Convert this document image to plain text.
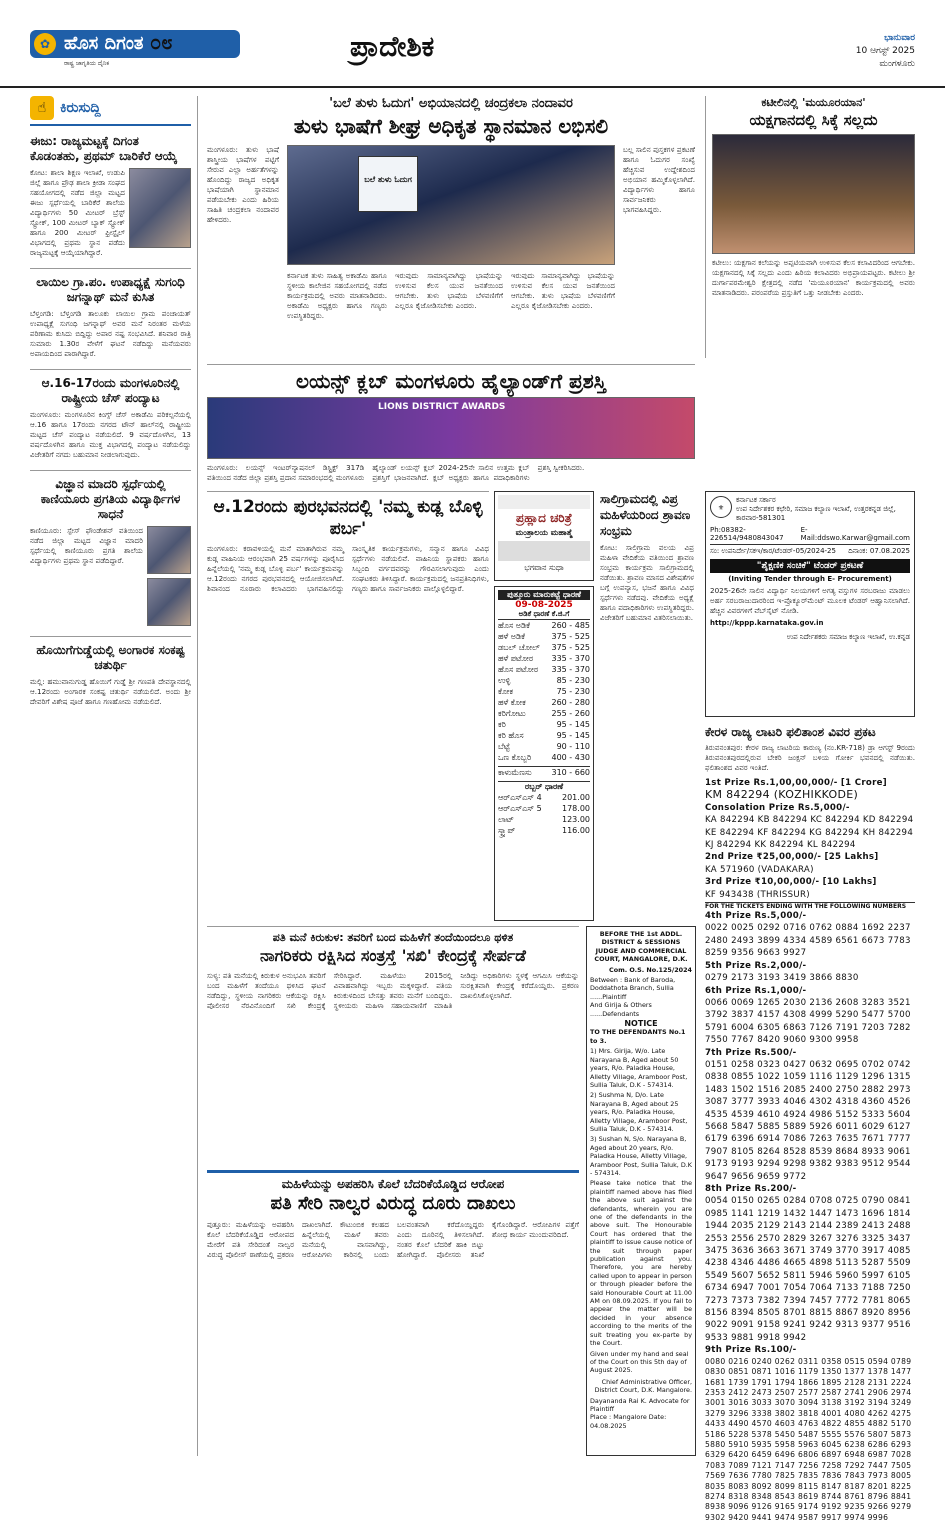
ಹೊಸ ದಿಗಂತ
✿
ರಾಷ್ಟ್ರ ಜಾಗೃತಿಯ ದೈನಿಕ
೦೮	ಪ್ರಾದೇಶಿಕ	ಭಾನುವಾರ
10 ಆಗಸ್ಟ್ 2025
ಮಂಗಳೂರು
☝ ಕಿರುಸುದ್ದಿ
ಈಜು: ರಾಜ್ಯಮಟ್ಟಕ್ಕೆ ದಿಗಂತ ಕೊಡಂತಹು, ಪ್ರಥಮ್ ಬಾರಿಕೆರೆ ಆಯ್ಕೆ
ಕೋಟ: ಶಾಲಾ ಶಿಕ್ಷಣ ಇಲಾಖೆ, ಉಡುಪಿ ಜಿಲ್ಲೆ ಹಾಗೂ ಪ್ರೌಢ ಶಾಲಾ ಕ್ರೀಡಾ ಸಂಘದ ಸಹಯೋಗದಲ್ಲಿ ನಡೆದ ಜಿಲ್ಲಾ ಮಟ್ಟದ ಈಜು ಸ್ಪರ್ಧೆಯಲ್ಲಿ ಬಾರಿಕೆರೆ ಶಾಲೆಯ ವಿದ್ಯಾರ್ಥಿಗಳು 50 ಮೀಟರ್ ಬ್ರೆಸ್ಟ್ ಸ್ಟ್ರೋಕ್, 100 ಮೀಟರ್ ಬ್ಯಾಕ್ ಸ್ಟ್ರೋಕ್ ಹಾಗೂ 200 ಮೀಟರ್ ಫ್ರೀಸ್ಟೈಲ್ ವಿಭಾಗದಲ್ಲಿ ಪ್ರಥಮ ಸ್ಥಾನ ಪಡೆದು ರಾಜ್ಯಮಟ್ಟಕ್ಕೆ ಆಯ್ಕೆಯಾಗಿದ್ದಾರೆ.
ಲಾಯಿಲ ಗ್ರಾ.ಪಂ. ಉಪಾಧ್ಯಕ್ಷೆ ಸುಗಂಧಿ ಜಗನ್ನಾಥ್ ಮನೆ ಕುಸಿತ
ಬೆಳ್ತಂಗಡಿ: ಬೆಳ್ತಂಗಡಿ ತಾಲೂಕು ಲಾಯಿಲ ಗ್ರಾಮ ಪಂಚಾಯತ್ ಉಪಾಧ್ಯಕ್ಷೆ ಸುಗಂಧಿ ಜಗನ್ನಾಥ್ ಅವರ ಮನೆ ನಿರಂತರ ಮಳೆಯ ಪರಿಣಾಮ ಕುಸಿದು ಬಿದ್ದಿದ್ದು ಅಪಾರ ನಷ್ಟ ಸಂಭವಿಸಿದೆ. ಶನಿವಾರ ರಾತ್ರಿ ಸುಮಾರು 1.30ರ ವೇಳೆಗೆ ಘಟನೆ ನಡೆದಿದ್ದು ಮನೆಯವರು ಅಪಾಯದಿಂದ ಪಾರಾಗಿದ್ದಾರೆ.
ಆ.16-17ರಂದು ಮಂಗಳೂರಿನಲ್ಲಿ ರಾಷ್ಟ್ರೀಯ ಚೆಸ್ ಪಂದ್ಯಾಟ
ಮಂಗಳೂರು: ಮಂಗಳೂರಿನ ಕಿಂಗ್ಸ್ ಚೆಸ್ ಅಕಾಡೆಮಿ ಪರಿಕಲ್ಪನೆಯಲ್ಲಿ ಆ.16 ಹಾಗೂ 17ರಂದು ನಗರದ ಟೌನ್ ಹಾಲ್‌ನಲ್ಲಿ ರಾಷ್ಟ್ರೀಯ ಮಟ್ಟದ ಚೆಸ್ ಪಂದ್ಯಾಟ ನಡೆಯಲಿದೆ. 9 ವರ್ಷದೊಳಗಿನ, 13 ವರ್ಷದೊಳಗಿನ ಹಾಗೂ ಮುಕ್ತ ವಿಭಾಗದಲ್ಲಿ ಪಂದ್ಯಾಟ ನಡೆಯಲಿದ್ದು ವಿಜೇತರಿಗೆ ನಗದು ಬಹುಮಾನ ನೀಡಲಾಗುವುದು.
ವಿಜ್ಞಾನ ಮಾದರಿ ಸ್ಪರ್ಧೆಯಲ್ಲಿ ಕಾಣಿಯೂರು ಪ್ರಗತಿಯ ವಿದ್ಯಾರ್ಥಿಗಳ ಸಾಧನೆ
ಕಾಣಿಯೂರು: ಸ್ಪೇಸ್ ಫೌಂಡೇಶನ್ ವತಿಯಿಂದ ನಡೆದ ಜಿಲ್ಲಾ ಮಟ್ಟದ ವಿಜ್ಞಾನ ಮಾದರಿ ಸ್ಪರ್ಧೆಯಲ್ಲಿ ಕಾಣಿಯೂರು ಪ್ರಗತಿ ಶಾಲೆಯ ವಿದ್ಯಾರ್ಥಿಗಳು ಪ್ರಥಮ ಸ್ಥಾನ ಪಡೆದಿದ್ದಾರೆ.
ಹೊಯಿಗೆಗುಡ್ಡೆಯಲ್ಲಿ ಅಂಗಾರಕ ಸಂಕಷ್ಟ ಚತುರ್ಥಿ
ಮಲ್ಲಿ: ಹಮುವಾನುಗುಡ್ಡ ಹೊಯಿಗೆ ಗುಡ್ಡೆ ಶ್ರೀ ಗಣಪತಿ ದೇವಸ್ಥಾನದಲ್ಲಿ ಆ.12ರಂದು ಅಂಗಾರಕ ಸಂಕಷ್ಟ ಚತುರ್ಥಿ ನಡೆಯಲಿದೆ. ಅಂದು ಶ್ರೀ ದೇವರಿಗೆ ವಿಶೇಷ ಪೂಜೆ ಹಾಗೂ ಗಣಹೋಮ ನಡೆಯಲಿದೆ.
'ಬಲೆ ತುಳು ಓದುಗ' ಅಭಿಯಾನದಲ್ಲಿ ಚಂದ್ರಕಲಾ ನಂದಾವರ
ತುಳು ಭಾಷೆಗೆ ಶೀಘ್ರ ಅಧಿಕೃತ ಸ್ಥಾನಮಾನ ಲಭಿಸಲಿ
ಮಂಗಳೂರು: ತುಳು ಭಾಷೆ ಶಾಸ್ತ್ರೀಯ ಭಾಷೆಗಳ ಪಟ್ಟಿಗೆ ಸೇರುವ ಎಲ್ಲಾ ಅರ್ಹತೆಗಳನ್ನು ಹೊಂದಿದ್ದು ರಾಜ್ಯದ ಅಧಿಕೃತ ಭಾಷೆಯಾಗಿ ಸ್ಥಾನಮಾನ ಪಡೆಯಬೇಕು ಎಂದು ಹಿರಿಯ ಸಾಹಿತಿ ಚಂದ್ರಕಲಾ ನಂದಾವರ ಹೇಳಿದರು.
ಬಲೆ ತುಳು ಓದುಗ
ಕರ್ನಾಟಕ ತುಳು ಸಾಹಿತ್ಯ ಅಕಾಡೆಮಿ ಹಾಗೂ ಸ್ಥಳೀಯ ಕಾಲೇಜಿನ ಸಹಯೋಗದಲ್ಲಿ ನಡೆದ ಕಾರ್ಯಕ್ರಮದಲ್ಲಿ ಅವರು ಮಾತನಾಡಿದರು. ಅಕಾಡೆಮಿ ಅಧ್ಯಕ್ಷರು ಹಾಗೂ ಗಣ್ಯರು ಉಪಸ್ಥಿತರಿದ್ದರು.
ಇರುವುದು ಸಾಮಾನ್ಯವಾಗಿದ್ದು ಭಾಷೆಯನ್ನು ಉಳಿಸುವ ಕೆಲಸ ಯುವ ಜನತೆಯಿಂದ ಆಗಬೇಕು. ತುಳು ಭಾಷೆಯ ಬೆಳವಣಿಗೆಗೆ ಎಲ್ಲರೂ ಕೈಜೋಡಿಸಬೇಕು ಎಂದರು.
ಇರುವುದು ಸಾಮಾನ್ಯವಾಗಿದ್ದು ಭಾಷೆಯನ್ನು ಉಳಿಸುವ ಕೆಲಸ ಯುವ ಜನತೆಯಿಂದ ಆಗಬೇಕು. ತುಳು ಭಾಷೆಯ ಬೆಳವಣಿಗೆಗೆ ಎಲ್ಲರೂ ಕೈಜೋಡಿಸಬೇಕು ಎಂದರು.
ಬಲ್ಲ ಸಾಲಿನ ಪುಸ್ತಕಗಳ ಪ್ರಕಟಣೆ ಹಾಗೂ ಓದುಗರ ಸಂಖ್ಯೆ ಹೆಚ್ಚಿಸುವ ಉದ್ದೇಶದಿಂದ ಅಭಿಯಾನ ಹಮ್ಮಿಕೊಳ್ಳಲಾಗಿದೆ. ವಿದ್ಯಾರ್ಥಿಗಳು ಹಾಗೂ ಸಾರ್ವಜನಿಕರು ಭಾಗವಹಿಸಿದ್ದರು.
ಕಟೀಲಿನಲ್ಲಿ 'ಮಯೂರಯಾನ'
ಯಕ್ಷಗಾನದಲ್ಲಿ ಸಿಕ್ಕೆ ಸಲ್ಲದು
ಕಟೀಲು: ಯಕ್ಷಗಾನ ಕಲೆಯನ್ನು ಅಪ್ಪಟಿಯವಾಗಿ ಉಳಿಸುವ ಕೆಲಸ ಕಲಾವಿದರಿಂದ ಆಗಬೇಕು. ಯಕ್ಷಗಾನದಲ್ಲಿ ಸಿಕ್ಕೆ ಸಲ್ಲದು ಎಂದು ಹಿರಿಯ ಕಲಾವಿದರು ಅಭಿಪ್ರಾಯಪಟ್ಟರು. ಕಟೀಲು ಶ್ರೀ ದುರ್ಗಾಪರಮೇಶ್ವರಿ ಕ್ಷೇತ್ರದಲ್ಲಿ ನಡೆದ 'ಮಯೂರಯಾನ' ಕಾರ್ಯಕ್ರಮದಲ್ಲಿ ಅವರು ಮಾತನಾಡಿದರು. ಪರಂಪರೆಯ ಪ್ರಸ್ತುತಿಗೆ ಒತ್ತು ನೀಡಬೇಕು ಎಂದರು.
ಲಯನ್ಸ್ ಕ್ಲಬ್ ಮಂಗಳೂರು ಹೈಲ್ಯಾಂಡ್‌ಗೆ ಪ್ರಶಸ್ತಿ
LIONS DISTRICT AWARDS
ಮಂಗಳೂರು: ಲಯನ್ಸ್ ಇಂಟರ್‌ನ್ಯಾಷನಲ್ ಡಿಸ್ಟ್ರಿಕ್ಟ್ 317ಡಿ ವತಿಯಿಂದ ನಡೆದ ಜಿಲ್ಲಾ ಪ್ರಶಸ್ತಿ ಪ್ರದಾನ ಸಮಾರಂಭದಲ್ಲಿ ಮಂಗಳೂರು ಹೈಲ್ಯಾಂಡ್ ಲಯನ್ಸ್ ಕ್ಲಬ್ 2024-25ನೇ ಸಾಲಿನ ಉತ್ತಮ ಕ್ಲಬ್ ಪ್ರಶಸ್ತಿಗೆ ಭಾಜನವಾಗಿದೆ. ಕ್ಲಬ್ ಅಧ್ಯಕ್ಷರು ಹಾಗೂ ಪದಾಧಿಕಾರಿಗಳು ಪ್ರಶಸ್ತಿ ಸ್ವೀಕರಿಸಿದರು.
⚜
ಕರ್ನಾಟಕ ಸರ್ಕಾರ
ಉಪ ನಿರ್ದೇಶಕರ ಕಛೇರಿ, ಸಮಾಜ ಕಲ್ಯಾಣ ಇಲಾಖೆ, ಉತ್ತರಕನ್ನಡ ಜಿಲ್ಲೆ, ಕಾರವಾರ-581301
Ph:08382-226514/9480843047
E-Mail:ddswo.Karwar@gmail.com
ಸಂ: ಉಪನಿರ್ದೇ/ಸಕಇ/ಕಾರ/ಟೆಂಡರ್-05/2024-25 ದಿನಾಂಕ: 07.08.2025
"ಶೈಕ್ಷಣಿಕ ಸಂಚಿಕೆ" ಟೆಂಡರ್ ಪ್ರಕಟಣೆ
(Inviting Tender through E- Procurement)
2025-26ನೇ ಸಾಲಿನ ವಿದ್ಯಾರ್ಥಿ ನಿಲಯಗಳಿಗೆ ಅಗತ್ಯ ವಸ್ತುಗಳ ಸರಬರಾಜು ಮಾಡಲು ಅರ್ಹ ಸರಬರಾಜುದಾರರಿಂದ ಇ-ಪ್ರೊಕ್ಯೂರ್‌ಮೆಂಟ್ ಮೂಲಕ ಟೆಂಡರ್ ಆಹ್ವಾನಿಸಲಾಗಿದೆ. ಹೆಚ್ಚಿನ ವಿವರಗಳಿಗೆ ವೆಬ್‌ಸೈಟ್ ನೋಡಿ.
http://kppp.karnataka.gov.in
ಉಪ ನಿರ್ದೇಶಕರು ಸಮಾಜ ಕಲ್ಯಾಣ ಇಲಾಖೆ, ಉ.ಕನ್ನಡ
ಕೇರಳ ರಾಜ್ಯ ಲಾಟರಿ ಫಲಿತಾಂಶ ವಿವರ ಪ್ರಕಟ
ತಿರುವನಂತಪುರ: ಕೇರಳ ರಾಜ್ಯ ಲಾಟರಿಯ ಕಾರುಣ್ಯ (ನಂ.KR-718) ಡ್ರಾ ಆಗಸ್ಟ್ 9ರಂದು ತಿರುವನಂತಪುರದಲ್ಲಿರುವ ಬೇಕರಿ ಜಂಕ್ಷನ್ ಬಳಿಯ ಗೋರ್ಕಿ ಭವನದಲ್ಲಿ ನಡೆಯಿತು. ಫಲಿತಾಂಶದ ವಿವರ ಇಂತಿದೆ.
1st Prize Rs.1,00,00,000/- [1 Crore]
KM 842294 (KOZHIKKODE)
Consolation Prize Rs.5,000/-
KA 842294 KB 842294 KC 842294 KD 842294 KE 842294 KF 842294 KG 842294 KH 842294 KJ 842294 KK 842294 KL 842294
2nd Prize ₹25,00,000/- [25 Lakhs]
KA 571960 (VADAKARA)
3rd Prize ₹10,00,000/- [10 Lakhs]
KF 943438 (THRISSUR)
FOR THE TICKETS ENDING WITH THE FOLLOWING NUMBERS
4th Prize Rs.5,000/-
0022 0025 0292 0716 0762 0884 1692 2237 2480 2493 3899 4334 4589 6561 6673 7783 8259 9356 9663 9927
5th Prize Rs.2,000/-
0279 2173 3193 3419 3866 8830
6th Prize Rs.1,000/-
0066 0069 1265 2030 2136 2608 3283 3521 3792 3837 4157 4308 4999 5290 5477 5700 5791 6004 6305 6863 7126 7191 7203 7282 7550 7767 8420 9060 9300 9958
7th Prize Rs.500/-
0151 0258 0323 0427 0632 0695 0702 0742 0838 0855 1022 1059 1116 1129 1296 1315 1483 1502 1516 2085 2400 2750 2882 2973 3087 3777 3933 4046 4302 4318 4360 4526 4535 4539 4610 4924 4986 5152 5333 5604 5668 5847 5885 5889 5926 6011 6029 6127 6179 6396 6914 7086 7263 7635 7671 7777 7907 8105 8264 8528 8539 8684 8933 9061 9173 9193 9294 9298 9382 9383 9512 9544 9647 9656 9659 9772
8th Prize Rs.200/-
0054 0150 0265 0284 0708 0725 0790 0841 0985 1141 1219 1432 1447 1473 1696 1814 1944 2035 2129 2143 2144 2389 2413 2488 2553 2556 2570 2829 3267 3276 3325 3437 3475 3636 3663 3671 3749 3770 3917 4085 4238 4346 4486 4665 4898 5113 5287 5509 5549 5607 5652 5811 5946 5960 5997 6105 6734 6947 7001 7054 7064 7133 7188 7250 7273 7373 7382 7394 7457 7772 7781 8065 8156 8394 8505 8701 8815 8867 8920 8956 9022 9091 9158 9241 9242 9313 9377 9516 9533 9881 9918 9942
9th Prize Rs.100/-
0080 0216 0240 0262 0311 0358 0515 0594 0789 0830 0851 0871 1016 1179 1350 1377 1378 1477 1681 1739 1791 1794 1866 1895 2128 2131 2224 2353 2412 2473 2507 2577 2587 2741 2906 2974 3001 3016 3033 3070 3094 3138 3192 3194 3249 3279 3296 3338 3802 3818 4001 4080 4262 4275 4433 4490 4570 4603 4763 4822 4855 4882 5170 5186 5228 5378 5450 5487 5555 5576 5807 5873 5880 5910 5935 5958 5963 6045 6238 6286 6293 6329 6420 6459 6496 6806 6897 6948 6987 7028 7083 7089 7121 7147 7256 7258 7292 7447 7505 7569 7636 7780 7825 7835 7836 7843 7973 8005 8035 8083 8092 8099 8115 8147 8187 8201 8225 8274 8318 8348 8543 8619 8744 8761 8796 8841 8938 9096 9126 9165 9174 9192 9235 9266 9279 9302 9420 9441 9474 9587 9917 9974 9996
ಆ.12ರಂದು ಪುರಭವನದಲ್ಲಿ 'ನಮ್ಮ ಕುಡ್ಲ ಬೊಳ್ಳಿ ಪರ್ಬ'
ಮಂಗಳೂರು: ಕರಾವಳಿಯಲ್ಲಿ ಮನೆ ಮಾತಾಗಿರುವ ನಮ್ಮ ಕುಡ್ಲ ವಾಹಿನಿಯ ಆರಂಭವಾಗಿ 25 ವರ್ಷಗಳನ್ನು ಪೂರೈಸಿದ ಹಿನ್ನೆಲೆಯಲ್ಲಿ 'ನಮ್ಮ ಕುಡ್ಲ ಬೊಳ್ಳಿ ಪರ್ಬ' ಕಾರ್ಯಕ್ರಮವನ್ನು ಆ.12ರಂದು ನಗರದ ಪುರಭವನದಲ್ಲಿ ಆಯೋಜಿಸಲಾಗಿದೆ. ಶಿವಾನಂದ ನೂರಾರು ಕಲಾವಿದರು ಭಾಗವಹಿಸಲಿದ್ದು ಸಾಂಸ್ಕೃತಿಕ ಕಾರ್ಯಕ್ರಮಗಳು, ಸನ್ಮಾನ ಹಾಗೂ ವಿವಿಧ ಸ್ಪರ್ಧೆಗಳು ನಡೆಯಲಿವೆ. ವಾಹಿನಿಯ ಸ್ಥಾಪಕರು ಹಾಗೂ ಸಿಬ್ಬಂದಿ ವರ್ಗದವರನ್ನು ಗೌರವಿಸಲಾಗುವುದು ಎಂದು ಸಂಘಟಕರು ತಿಳಿಸಿದ್ದಾರೆ. ಕಾರ್ಯಕ್ರಮದಲ್ಲಿ ಜನಪ್ರತಿನಿಧಿಗಳು, ಗಣ್ಯರು ಹಾಗೂ ಸಾರ್ವಜನಿಕರು ಪಾಲ್ಗೊಳ್ಳಲಿದ್ದಾರೆ.
ಪ್ರಹ್ಲಾದ ಚರಿತ್ರೆ
ಮಂತ್ರಾಲಯ ಮಹಾತ್ಮೆ
ಭಗವಾನ ಸುಧಾ
ಸಾಲಿಗ್ರಾಮದಲ್ಲಿ ವಿಪ್ರ ಮಹಿಳೆಯರಿಂದ ಶ್ರಾವಣ ಸಂಭ್ರಮ
ಕೋಟ: ಸಾಲಿಗ್ರಾಮ ವಲಯ ವಿಪ್ರ ಮಹಿಳಾ ವೇದಿಕೆಯ ವತಿಯಿಂದ ಶ್ರಾವಣ ಸಂಭ್ರಮ ಕಾರ್ಯಕ್ರಮ ಸಾಲಿಗ್ರಾಮದಲ್ಲಿ ನಡೆಯಿತು. ಶ್ರಾವಣ ಮಾಸದ ವಿಶೇಷತೆಗಳ ಬಗ್ಗೆ ಉಪನ್ಯಾಸ, ಭಜನೆ ಹಾಗೂ ವಿವಿಧ ಸ್ಪರ್ಧೆಗಳು ನಡೆದವು. ವೇದಿಕೆಯ ಅಧ್ಯಕ್ಷೆ ಹಾಗೂ ಪದಾಧಿಕಾರಿಗಳು ಉಪಸ್ಥಿತರಿದ್ದರು. ವಿಜೇತರಿಗೆ ಬಹುಮಾನ ವಿತರಿಸಲಾಯಿತು.
ಪುತ್ತೂರು ಮಾರುಕಟ್ಟೆ ಧಾರಣೆ
09-08-2025
ಅಡಿಕೆ ಧಾರಣೆ ಕೆ.ಜಿ.ಗೆ
ಹೊಸ ಅಡಿಕೆ	260 - 485
ಹಳೆ ಅಡಿಕೆ	375 - 525
ಡಬಲ್ ಚೋಲ್ 375 - 525
ಹಳೆ ಪಟೋರ 335 - 370
ಹೊಸ ಪಟೋರ 335 - 370
ಉಳ್ಳಿ	85 - 230
ಕೋಕ	75 - 230
ಹಳೆ ಕೋಕ	260 - 280
ಕರಿಗೋಟು	255 - 260
ಕರಿ	95 - 145
ಕರಿ ಹೊಸ	95 - 145
ಬೆಟ್ಟೆ	90 - 110
ಒಣ ಕೊಬ್ಬರಿ	400 - 430
ಕಾಳುಮೆಣಸು 310 - 660
ರಬ್ಬರ್ ಧಾರಣೆ
ಆರ್‌ಎಸ್‌ಎಸ್ 4	201.00
ಆರ್‌ಎಸ್‌ಎಸ್ 5	178.00
ಲಾಟ್	123.00
ಸ್ಕ್ರ್ಯಾಪ್	116.00
BEFORE THE 1st ADDL. DISTRICT & SESSIONS JUDGE AND COMMERCIAL COURT, MANGALORE, D.K.
Com. O.S. No.125/2024
Between : Bank of Baroda, Doddathota Branch, Sullia ......Plaintiff
And Girija & Others ......Defendants
NOTICE
TO THE DEFENDANTS No.1 to 3.
1) Mrs. Girija, W/o. Late Narayana B, Aged about 50 years, R/o. Paladka House, Alletty Village, Aramboor Post, Sullia Taluk, D.K - 574314.
2) Sushma N, D/o. Late Narayana B, Aged about 25 years, R/o. Paladka House, Alletty Village, Aramboor Post, Sullia Taluk, D.K - 574314.
3) Sushan N, S/o. Narayana B, Aged about 20 years, R/o. Paladka House, Alletty Village, Aramboor Post, Sullia Taluk, D.K - 574314.
Please take notice that the plaintiff named above has filed the above suit against the defendants, wherein you are one of the defendants in the above suit. The Honourable Court has ordered that the plaintiff to issue cause notice of the suit through paper publication against you. Therefore, you are hereby called upon to appear in person or through pleader before the said Honourable Court at 11.00 AM on 08.09.2025. If you fail to appear the matter will be decided in your absence according to the merits of the suit treating you ex-parte by the Court.
Given under my hand and seal of the Court on this 5th day of August 2025.
Chief Administrative Officer, District Court, D.K. Mangalore.
Dayananda Rai K. Advocate for Plaintiff
Place : Mangalore Date: 04.08.2025
ಪತಿ ಮನೆ ಕಿರುಕುಳ: ತವರಿಗೆ ಬಂದ ಮಹಿಳೆಗೆ ತಂದೆಯಿಂದಲೂ ಥಳಿತ
ನಾಗರಿಕರು ರಕ್ಷಿಸಿದ ಸಂತ್ರಸ್ತೆ 'ಸಖಿ' ಕೇಂದ್ರಕ್ಕೆ ಸೇರ್ಪಡೆ
ಸುಳ್ಯ: ಪತಿ ಮನೆಯಲ್ಲಿ ಕಿರುಕುಳ ಅನುಭವಿಸಿ ತವರಿಗೆ ಬಂದ ಮಹಿಳೆಗೆ ತಂದೆಯೂ ಥಳಿಸಿದ ಘಟನೆ ನಡೆದಿದ್ದು, ಸ್ಥಳೀಯ ನಾಗರಿಕರು ಆಕೆಯನ್ನು ರಕ್ಷಿಸಿ ಪೊಲೀಸರ ನೆರವಿನೊಂದಿಗೆ ಸಖಿ ಕೇಂದ್ರಕ್ಕೆ ಸೇರಿಸಿದ್ದಾರೆ. ಮಹಿಳೆಯು 2015ರಲ್ಲಿ ವಿವಾಹವಾಗಿದ್ದು ಇಬ್ಬರು ಮಕ್ಕಳಿದ್ದಾರೆ. ಪತಿಯ ಕಿರುಕುಳದಿಂದ ಬೇಸತ್ತು ತವರು ಮನೆಗೆ ಬಂದಿದ್ದರು. ಸ್ಥಳೀಯರು ಮಹಿಳಾ ಸಹಾಯವಾಣಿಗೆ ಮಾಹಿತಿ ನೀಡಿದ್ದು ಅಧಿಕಾರಿಗಳು ಸ್ಥಳಕ್ಕೆ ಆಗಮಿಸಿ ಆಕೆಯನ್ನು ಸುರಕ್ಷಿತವಾಗಿ ಕೇಂದ್ರಕ್ಕೆ ಕರೆದೊಯ್ದರು. ಪ್ರಕರಣ ದಾಖಲಿಸಿಕೊಳ್ಳಲಾಗಿದೆ.
ಮಹಿಳೆಯನ್ನು ಅಪಹರಿಸಿ ಕೊಲೆ ಬೆದರಿಕೆಯೊಡ್ಡಿದ ಆರೋಪ
ಪತಿ ಸೇರಿ ನಾಲ್ವರ ವಿರುದ್ಧ ದೂರು ದಾಖಲು
ಪುತ್ತೂರು: ಮಹಿಳೆಯನ್ನು ಅಪಹರಿಸಿ ಕೊಲೆ ಬೆದರಿಕೆಯೊಡ್ಡಿದ ಆರೋಪದ ಮೇರೆಗೆ ಪತಿ ಸೇರಿದಂತೆ ನಾಲ್ವರ ವಿರುದ್ಧ ಪೊಲೀಸ್ ಠಾಣೆಯಲ್ಲಿ ಪ್ರಕರಣ ದಾಖಲಾಗಿದೆ. ಕೌಟುಂಬಿಕ ಕಲಹದ ಹಿನ್ನೆಲೆಯಲ್ಲಿ ಮಹಿಳೆ ತವರು ಮನೆಯಲ್ಲಿ ವಾಸವಾಗಿದ್ದು, ಆರೋಪಿಗಳು ಕಾರಿನಲ್ಲಿ ಬಂದು ಬಲವಂತವಾಗಿ ಕರೆದೊಯ್ದಿದ್ದರು ಎಂದು ದೂರಿನಲ್ಲಿ ತಿಳಿಸಲಾಗಿದೆ. ನಂತರ ಕೊಲೆ ಬೆದರಿಕೆ ಹಾಕಿ ಬಿಟ್ಟು ಹೋಗಿದ್ದಾರೆ. ಪೊಲೀಸರು ತನಿಖೆ ಕೈಗೊಂಡಿದ್ದಾರೆ. ಆರೋಪಿಗಳ ಪತ್ತೆಗೆ ಶೋಧ ಕಾರ್ಯ ಮುಂದುವರಿದಿದೆ.
